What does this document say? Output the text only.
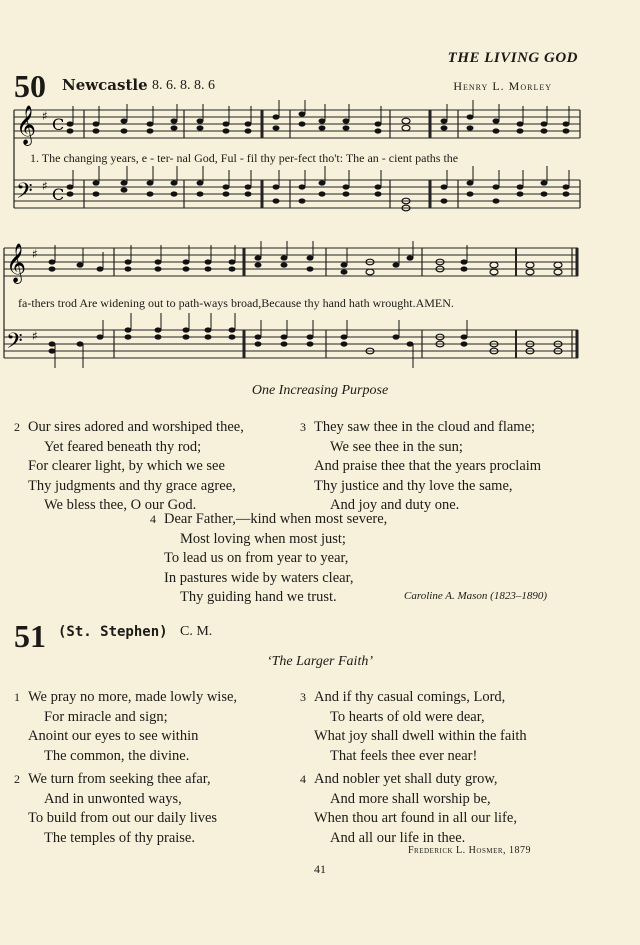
THE LIVING GOD
50 Newcastle 8. 6. 8. 8. 6	Henry L. Morley
𝄞
𝄢
♯
♯
C
C
1. The changing years, e - ter- nal God, Ful - fil thy per-fect tho't: The an - cient paths the
𝄞
𝄢
♯
♯
fa-thers trod Are widening out to path-ways broad,Because thy hand hath wrought.AMEN.
One Increasing Purpose
2 Our sires adored and worshiped thee,
Yet feared beneath thy rod;
For clearer light, by which we see
Thy judgments and thy grace agree,
We bless thee, O our God.
3 They saw thee in the cloud and flame;
We see thee in the sun;
And praise thee that the years proclaim
Thy justice and thy love the same,
And joy and duty one.
4 Dear Father,—kind when most severe,
Most loving when most just;
To lead us on from year to year,
In pastures wide by waters clear,
Thy guiding hand we trust.	Caroline A. Mason (1823–1890)
51 (St. Stephen) C. M.
‘The Larger Faith’
1 We pray no more, made lowly wise,
For miracle and sign;
Anoint our eyes to see within
The common, the divine.
2 We turn from seeking thee afar,
And in unwonted ways,
To build from out our daily lives
The temples of thy praise.
3 And if thy casual comings, Lord,
To hearts of old were dear,
What joy shall dwell within the faith
That feels thee ever near!
4 And nobler yet shall duty grow,
And more shall worship be,
When thou art found in all our life,
And all our life in thee.
Frederick L. Hosmer, 1879
41
